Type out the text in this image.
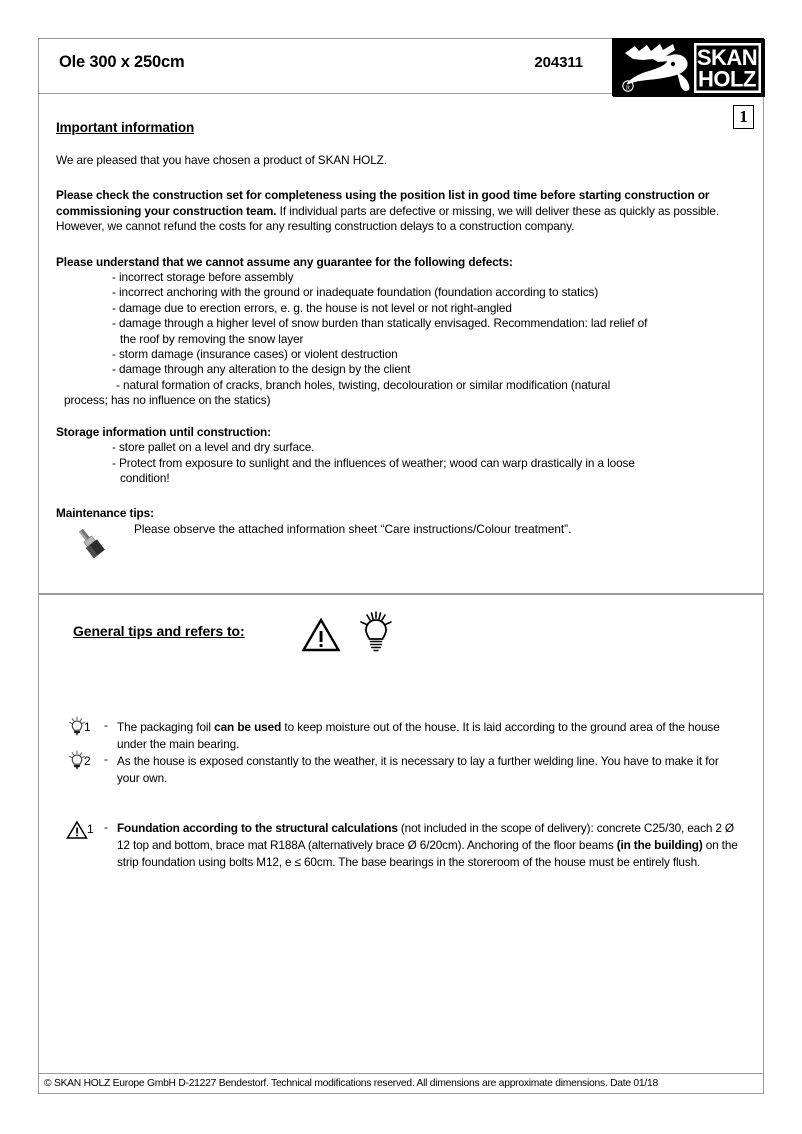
Ole 300 x 250cm	204311
R
SKAN
HOLZ
1
Important information

We are pleased that you have chosen a product of SKAN HOLZ.

Please check the construction set for completeness using the position list in good time before starting construction or commissioning your construction team. If individual parts are defective or missing, we will deliver these as quickly as possible. However, we cannot refund the costs for any resulting construction delays to a construction company.

Please understand that we cannot assume any guarantee for the following defects:

- incorrect storage before assembly
- incorrect anchoring with the ground or inadequate foundation (foundation according to statics)
- damage due to erection errors, e. g. the house is not level or not right-angled
- damage through a higher level of snow burden than statically envisaged. Recommendation: lad relief of
the roof by removing the snow layer
- storm damage (insurance cases) or violent destruction
- damage through any alteration to the design by the client
- natural formation of cracks, branch holes, twisting, decolouration or similar modification (natural
process; has no influence on the statics)

Storage information until construction:

- store pallet on a level and dry surface.
- Protect from exposure to sunlight and the influences of weather; wood can warp drastically in a loose
condition!

Maintenance tips:

Please observe the attached information sheet “Care instructions/Colour treatment”.
General tips and refers to:
1 - The packaging foil can be used to keep moisture out of the house. It is laid according to the ground area of the house under the main bearing.
2 - As the house is exposed constantly to the weather, it is necessary to lay a further welding line. You have to make it for your own.
1 - Foundation according to the structural calculations (not included in the scope of delivery): concrete C25/30, each 2 Ø 12 top and bottom, brace mat R188A (alternatively brace Ø 6/20cm). Anchoring of the floor beams (in the building) on the strip foundation using bolts M12, e ≤ 60cm. The base bearings in the storeroom of the house must be entirely flush.
© SKAN HOLZ Europe GmbH D-21227 Bendestorf. Technical modifications reserved. All dimensions are approximate dimensions. Date 01/18
